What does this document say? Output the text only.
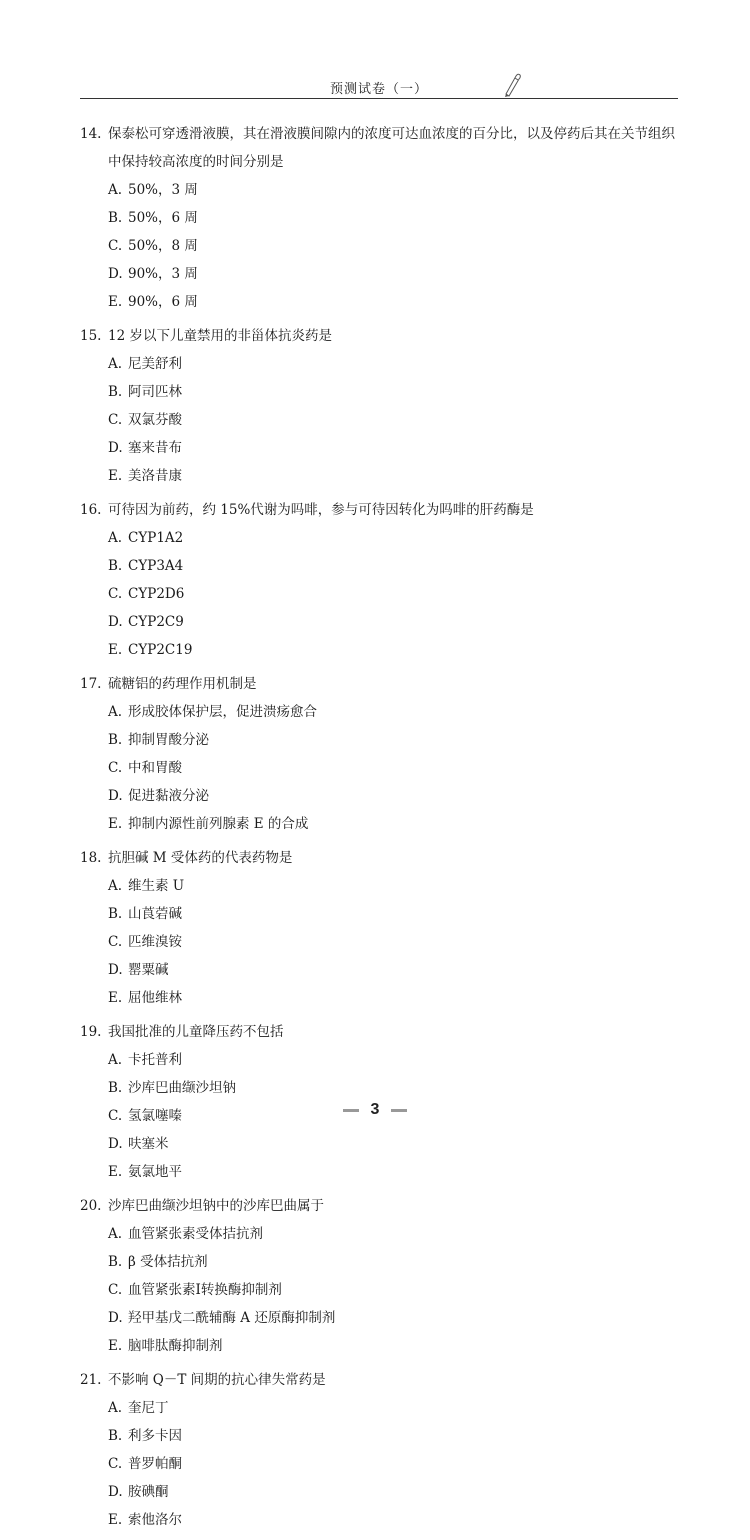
预测试卷（一）
14. 保泰松可穿透滑液膜，其在滑液膜间隙内的浓度可达血浓度的百分比，以及停药后其在关节组织中保持较高浓度的时间分别是
A. 50%，3 周
B. 50%，6 周
C. 50%，8 周
D. 90%，3 周
E. 90%，6 周
15. 12 岁以下儿童禁用的非甾体抗炎药是
A. 尼美舒利
B. 阿司匹林
C. 双氯芬酸
D. 塞来昔布
E. 美洛昔康
16. 可待因为前药，约 15%代谢为吗啡，参与可待因转化为吗啡的肝药酶是
A. CYP1A2
B. CYP3A4
C. CYP2D6
D. CYP2C9
E. CYP2C19
17. 硫糖铝的药理作用机制是
A. 形成胶体保护层，促进溃疡愈合
B. 抑制胃酸分泌
C. 中和胃酸
D. 促进黏液分泌
E. 抑制内源性前列腺素 E 的合成
18. 抗胆碱 M 受体药的代表药物是
A. 维生素 U
B. 山莨菪碱
C. 匹维溴铵
D. 罂粟碱
E. 屈他维林
19. 我国批准的儿童降压药不包括
A. 卡托普利
B. 沙库巴曲缬沙坦钠
C. 氢氯噻嗪
D. 呋塞米
E. 氨氯地平
20. 沙库巴曲缬沙坦钠中的沙库巴曲属于
A. 血管紧张素受体拮抗剂
B. β 受体拮抗剂
C. 血管紧张素Ⅰ转换酶抑制剂
D. 羟甲基戊二酰辅酶 A 还原酶抑制剂
E. 脑啡肽酶抑制剂
21. 不影响 Q－T 间期的抗心律失常药是
A. 奎尼丁
B. 利多卡因
C. 普罗帕酮
D. 胺碘酮
E. 索他洛尔
3
